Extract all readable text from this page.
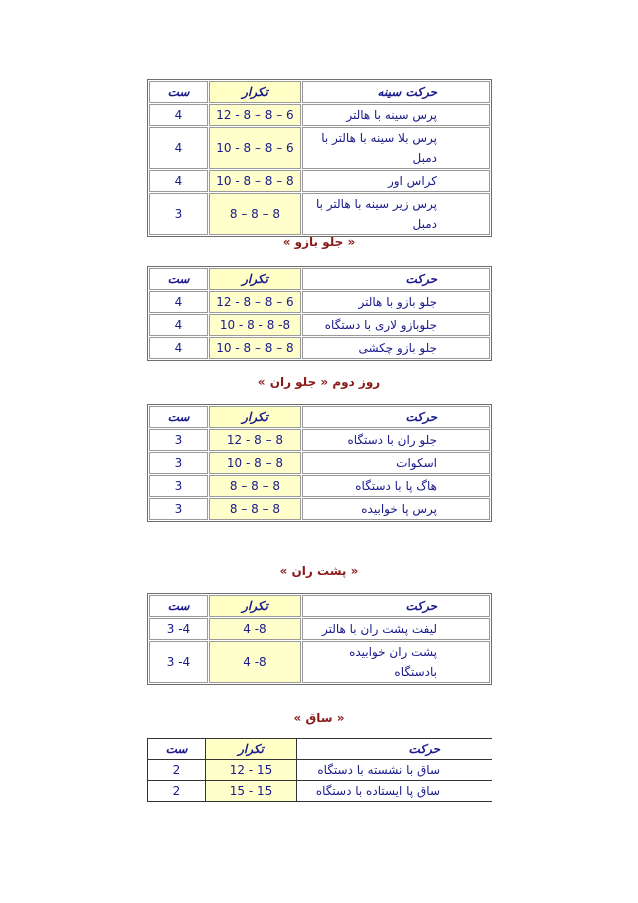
ست	تکرار	حرکت سینه
4	12 - 8 – 8 – 6	پرس سینه با هالتر
4	10 - 8 – 8 – 6	پرس بلا سینه با هالتر با دمبل
4	10 - 8 – 8 – 8	کراس اور
3	8 – 8 – 8	پرس زیر سینه با هالتر با دمبل
« جلو بازو »
ست	تکرار	حرکت
4	12 - 8 – 8 – 6	جلو بازو با هالتر
4	10 - 8 - 8 -8	جلوبازو لاری با دستگاه
4	10 - 8 – 8 – 8	جلو بازو چکشی
روز دوم « جلو ران »
ست	تکرار	حرکت
3	12 - 8 – 8	جلو ران با دستگاه
3	10 - 8 – 8	اسکوات
3	8 – 8 – 8	هاگ پا با دستگاه
3	8 – 8 – 8	پرس پا خوابیده
« پشت ران »
ست	تکرار	حرکت
3 -4	4 -8	لیفت پشت ران با هالتر
3 -4	4 -8	پشت ران خوابیده بادستگاه
« ساق »
ست	تکرار	حرکت
2	12 - 15	ساق با نشسته با دستگاه
2	15 - 15	ساق پا ایستاده با دستگاه
